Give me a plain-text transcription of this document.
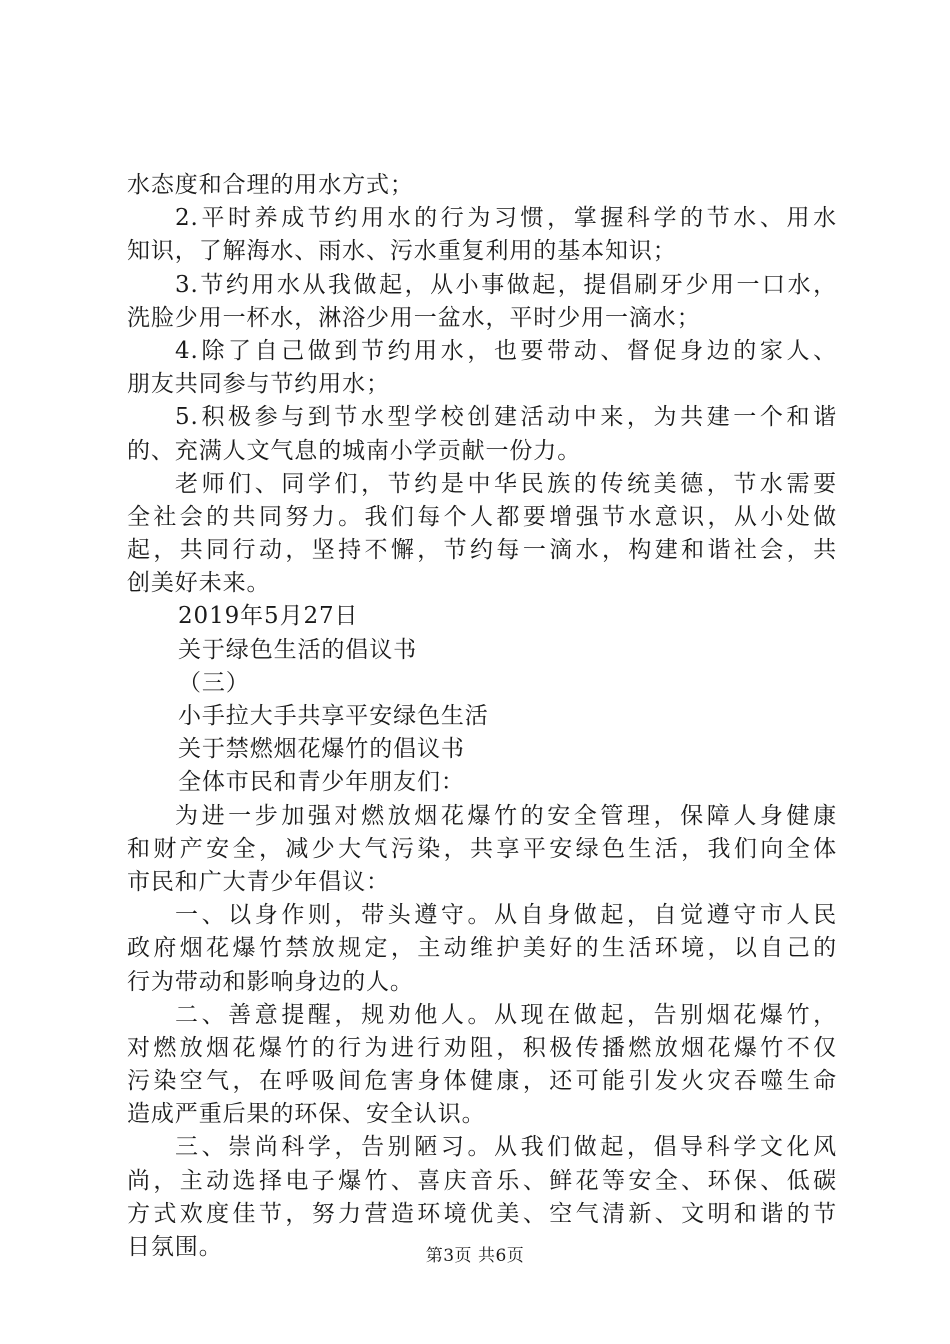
水态度和合理的用水方式；
2.平时养成节约用水的行为习惯，掌握科学的节水、用水
知识，了解海水、雨水、污水重复利用的基本知识；
3.节约用水从我做起，从小事做起，提倡刷牙少用一口水，
洗脸少用一杯水，淋浴少用一盆水，平时少用一滴水；
4.除了自己做到节约用水，也要带动、督促身边的家人、
朋友共同参与节约用水；
5.积极参与到节水型学校创建活动中来，为共建一个和谐
的、充满人文气息的城南小学贡献一份力。
老师们、同学们，节约是中华民族的传统美德，节水需要
全社会的共同努力。我们每个人都要增强节水意识，从小处做
起，共同行动，坚持不懈，节约每一滴水，构建和谐社会，共
创美好未来。
2019年5月27日
关于绿色生活的倡议书
（三）
小手拉大手共享平安绿色生活
关于禁燃烟花爆竹的倡议书
全体市民和青少年朋友们：
为进一步加强对燃放烟花爆竹的安全管理，保障人身健康
和财产安全，减少大气污染，共享平安绿色生活，我们向全体
市民和广大青少年倡议：
一、以身作则，带头遵守。从自身做起，自觉遵守市人民
政府烟花爆竹禁放规定，主动维护美好的生活环境，以自己的
行为带动和影响身边的人。
二、善意提醒，规劝他人。从现在做起，告别烟花爆竹，
对燃放烟花爆竹的行为进行劝阻，积极传播燃放烟花爆竹不仅
污染空气，在呼吸间危害身体健康，还可能引发火灾吞噬生命
造成严重后果的环保、安全认识。
三、崇尚科学，告别陋习。从我们做起，倡导科学文化风
尚，主动选择电子爆竹、喜庆音乐、鲜花等安全、环保、低碳
方式欢度佳节，努力营造环境优美、空气清新、文明和谐的节
日氛围。	第3页 共6页
